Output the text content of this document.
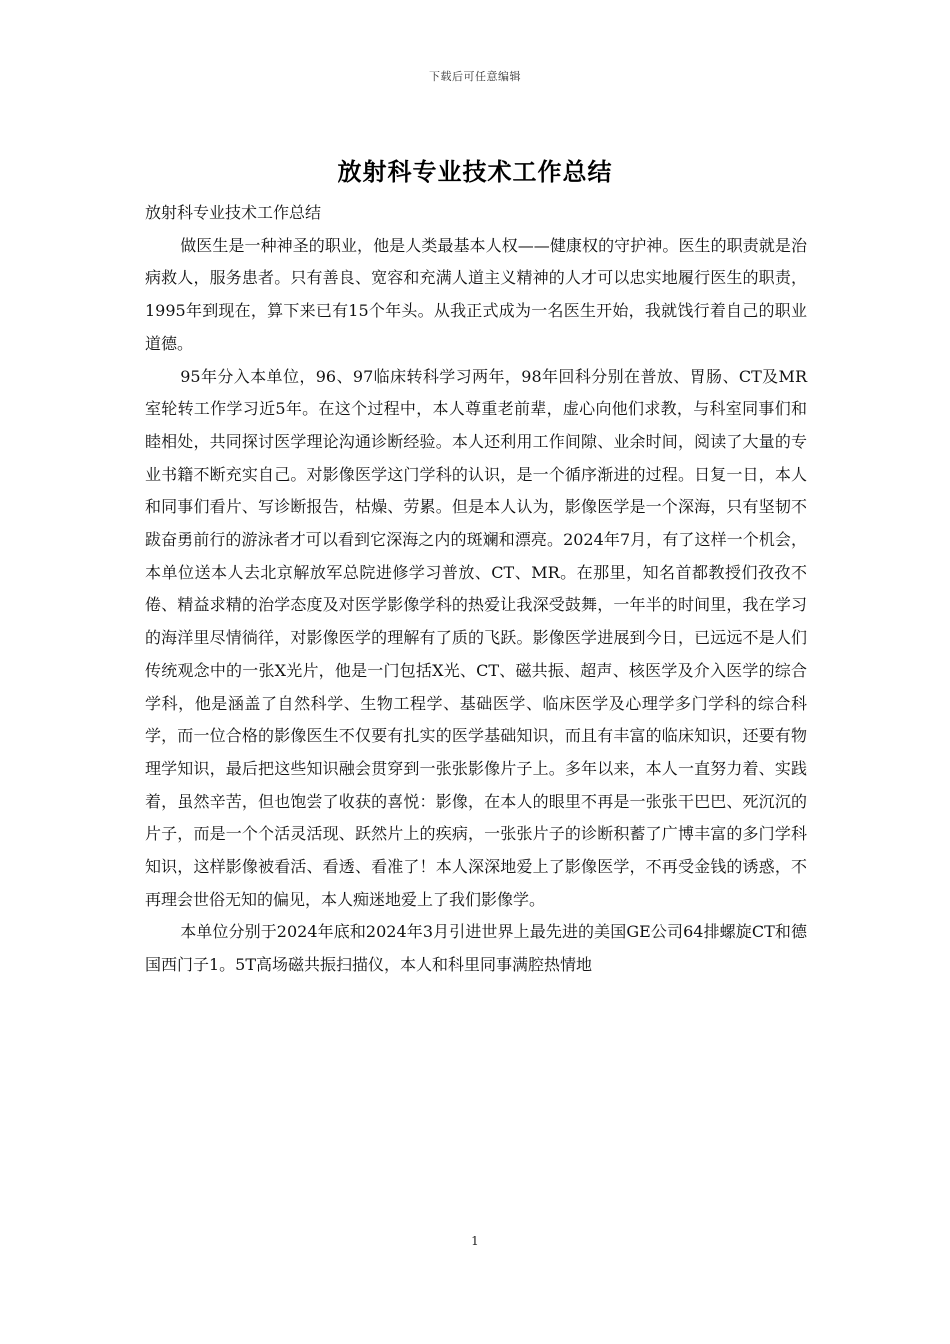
下载后可任意编辑
放射科专业技术工作总结

放射科专业技术工作总结

做医生是一种神圣的职业，他是人类最基本人权——健康权的守护神。医生的职责就是治病救人，服务患者。只有善良、宽容和充满人道主义精神的人才可以忠实地履行医生的职责，1995年到现在，算下来已有15个年头。从我正式成为一名医生开始，我就饯行着自己的职业道德。

95年分入本单位，96、97临床转科学习两年，98年回科分别在普放、胃肠、CT及MR室轮转工作学习近5年。在这个过程中，本人尊重老前辈，虚心向他们求教，与科室同事们和睦相处，共同探讨医学理论沟通诊断经验。本人还利用工作间隙、业余时间，阅读了大量的专业书籍不断充实自己。对影像医学这门学科的认识，是一个循序渐进的过程。日复一日，本人和同事们看片、写诊断报告，枯燥、劳累。但是本人认为，影像医学是一个深海，只有坚韧不跋奋勇前行的游泳者才可以看到它深海之内的斑斓和漂亮。2024年7月，有了这样一个机会，本单位送本人去北京解放军总院进修学习普放、CT、MR。在那里，知名首都教授们孜孜不倦、精益求精的治学态度及对医学影像学科的热爱让我深受鼓舞，一年半的时间里，我在学习的海洋里尽情徜徉，对影像医学的理解有了质的飞跃。影像医学进展到今日，已远远不是人们传统观念中的一张X光片，他是一门包括X光、CT、磁共振、超声、核医学及介入医学的综合学科，他是涵盖了自然科学、生物工程学、基础医学、临床医学及心理学多门学科的综合科学，而一位合格的影像医生不仅要有扎实的医学基础知识，而且有丰富的临床知识，还要有物理学知识，最后把这些知识融会贯穿到一张张影像片子上。多年以来，本人一直努力着、实践着，虽然辛苦，但也饱尝了收获的喜悦：影像，在本人的眼里不再是一张张干巴巴、死沉沉的片子，而是一个个活灵活现、跃然片上的疾病，一张张片子的诊断积蓄了广博丰富的多门学科知识，这样影像被看活、看透、看准了！本人深深地爱上了影像医学，不再受金钱的诱惑，不再理会世俗无知的偏见，本人痴迷地爱上了我们影像学。

本单位分别于2024年底和2024年3月引进世界上最先进的美国GE公司64排螺旋CT和德国西门子1。5T高场磁共振扫描仪，本人和科里同事满腔热情地

1
